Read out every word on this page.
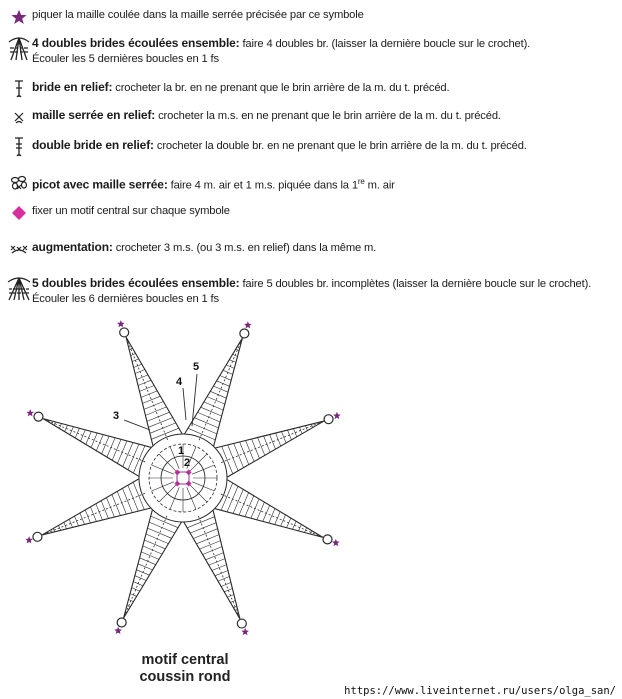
piquer la maille coulée dans la maille serrée précisée par ce symbole
4 doubles brides écoulées ensemble: faire 4 doubles br. (laisser la dernière boucle sur le crochet).
Écouler les 5 dernières boucles en 1 fs
bride en relief: crocheter la br. en ne prenant que le brin arrière de la m. du t. précéd.
maille serrée en relief: crocheter la m.s. en ne prenant que le brin arrière de la m. du t. précéd.
double bride en relief: crocheter la double br. en ne prenant que le brin arrière de la m. du t. précéd.
picot avec maille serrée: faire 4 m. air et 1 m.s. piquée dans la 1re m. air
fixer un motif central sur chaque symbole
augmentation: crocheter 3 m.s. (ou 3 m.s. en relief) dans la même m.
5 doubles brides écoulées ensemble: faire 5 doubles br. incomplètes (laisser la dernière boucle sur le crochet).
Écouler les 6 dernières boucles en 1 fs
1
2
3
4
5
motif central
coussin rond
https://www.liveinternet.ru/users/olga_san/
